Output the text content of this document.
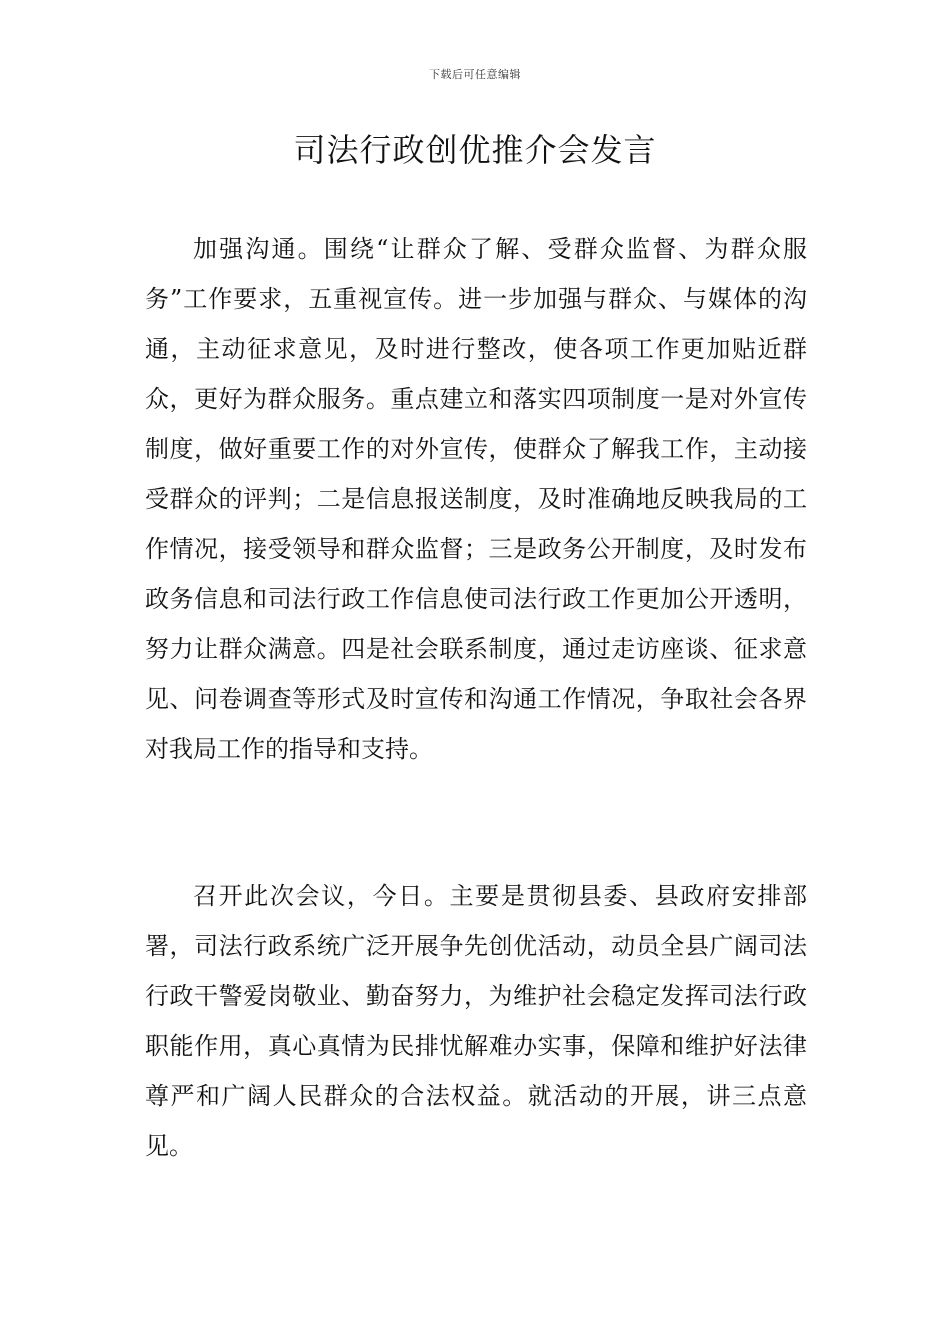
下载后可任意编辑
司法行政创优推介会发言

加强沟通。围绕“让群众了解、受群众监督、为群众服务”工作要求，五重视宣传。进一步加强与群众、与媒体的沟通，主动征求意见，及时进行整改，使各项工作更加贴近群众，更好为群众服务。重点建立和落实四项制度一是对外宣传制度，做好重要工作的对外宣传，使群众了解我工作，主动接受群众的评判；二是信息报送制度，及时准确地反映我局的工作情况，接受领导和群众监督；三是政务公开制度，及时发布政务信息和司法行政工作信息使司法行政工作更加公开透明，努力让群众满意。四是社会联系制度，通过走访座谈、征求意见、问卷调查等形式及时宣传和沟通工作情况，争取社会各界对我局工作的指导和支持。

召开此次会议，今日。主要是贯彻县委、县政府安排部署，司法行政系统广泛开展争先创优活动，动员全县广阔司法行政干警爱岗敬业、勤奋努力，为维护社会稳定发挥司法行政职能作用，真心真情为民排忧解难办实事，保障和维护好法律尊严和广阔人民群众的合法权益。就活动的开展，讲三点意见。
